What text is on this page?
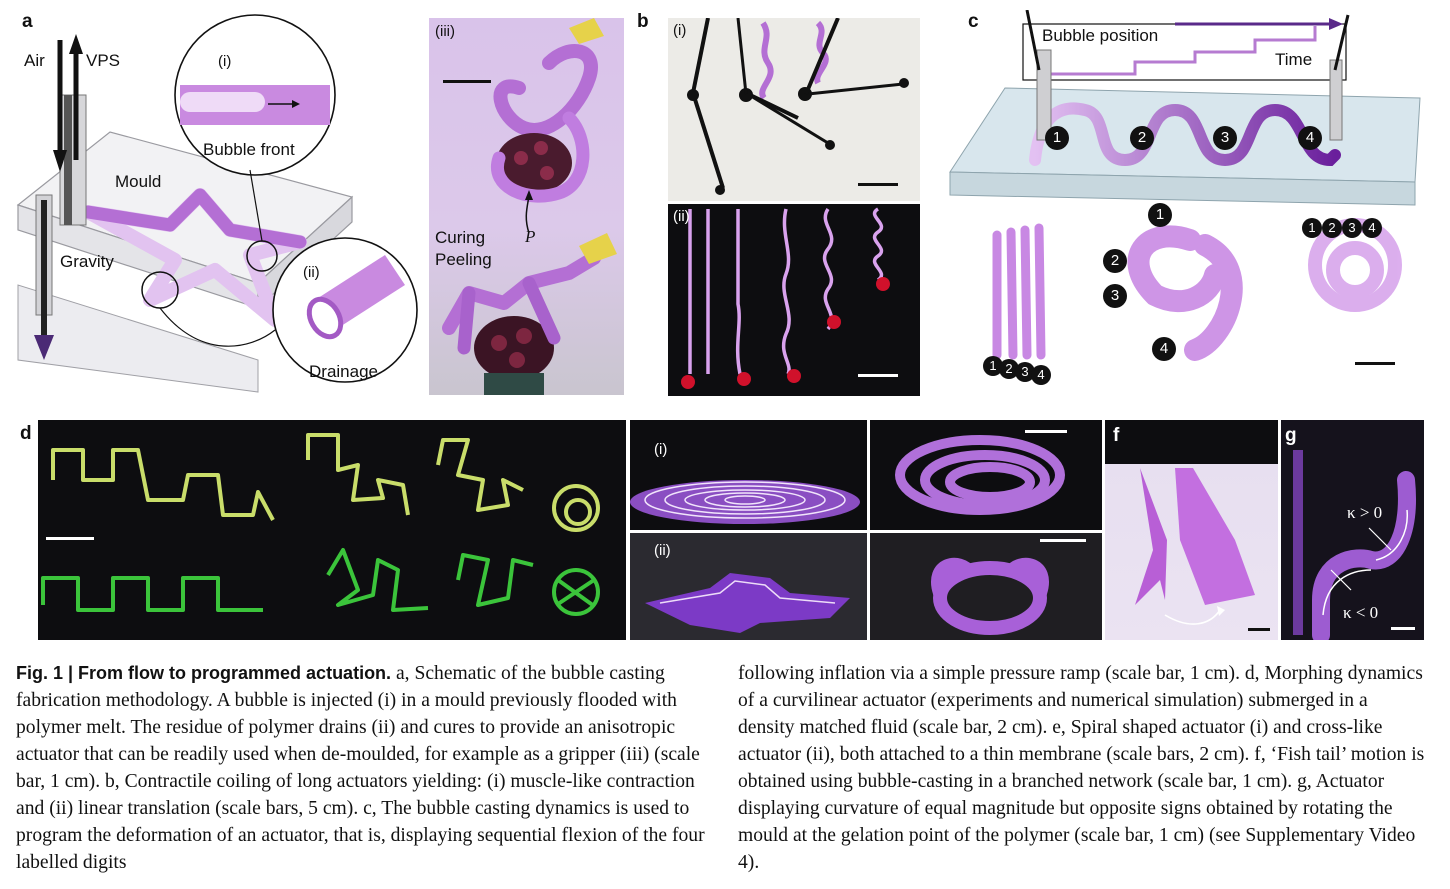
a
Air VPS	(i)
Bubble front
Mould
Gravity
(ii)
Drainage
(iii)
Curing
Peeling
P
b (i)
(ii)
c
Bubble position
Time
1	2	3	4
1 2 3 4
1
2
3
4
1 2 3 4
d
(i)
(ii)
f	g
κ > 0
κ < 0

Fig. 1 | From flow to programmed actuation. a, Schematic of the bubble casting fabrication methodology. A bubble is injected (i) in a mould previously flooded with polymer melt. The residue of polymer drains (ii) and cures to provide an anisotropic actuator that can be readily used when de-moulded, for example as a gripper (iii) (scale bar, 1 cm). b, Contractile coiling of long actuators yielding: (i) muscle-like contraction and (ii) linear translation (scale bars, 5 cm). c, The bubble casting dynamics is used to program the deformation of an actuator, that is, displaying sequential flexion of the four labelled digits

following inflation via a simple pressure ramp (scale bar, 1 cm). d, Morphing dynamics of a curvilinear actuator (experiments and numerical simulation) submerged in a density matched fluid (scale bar, 2 cm). e, Spiral shaped actuator (i) and cross-like actuator (ii), both attached to a thin membrane (scale bars, 2 cm). f, ‘Fish tail’ motion is obtained using bubble-casting in a branched network (scale bar, 1 cm). g, Actuator displaying curvature of equal magnitude but opposite signs obtained by rotating the mould at the gelation point of the polymer (scale bar, 1 cm) (see Supplementary Video 4).
